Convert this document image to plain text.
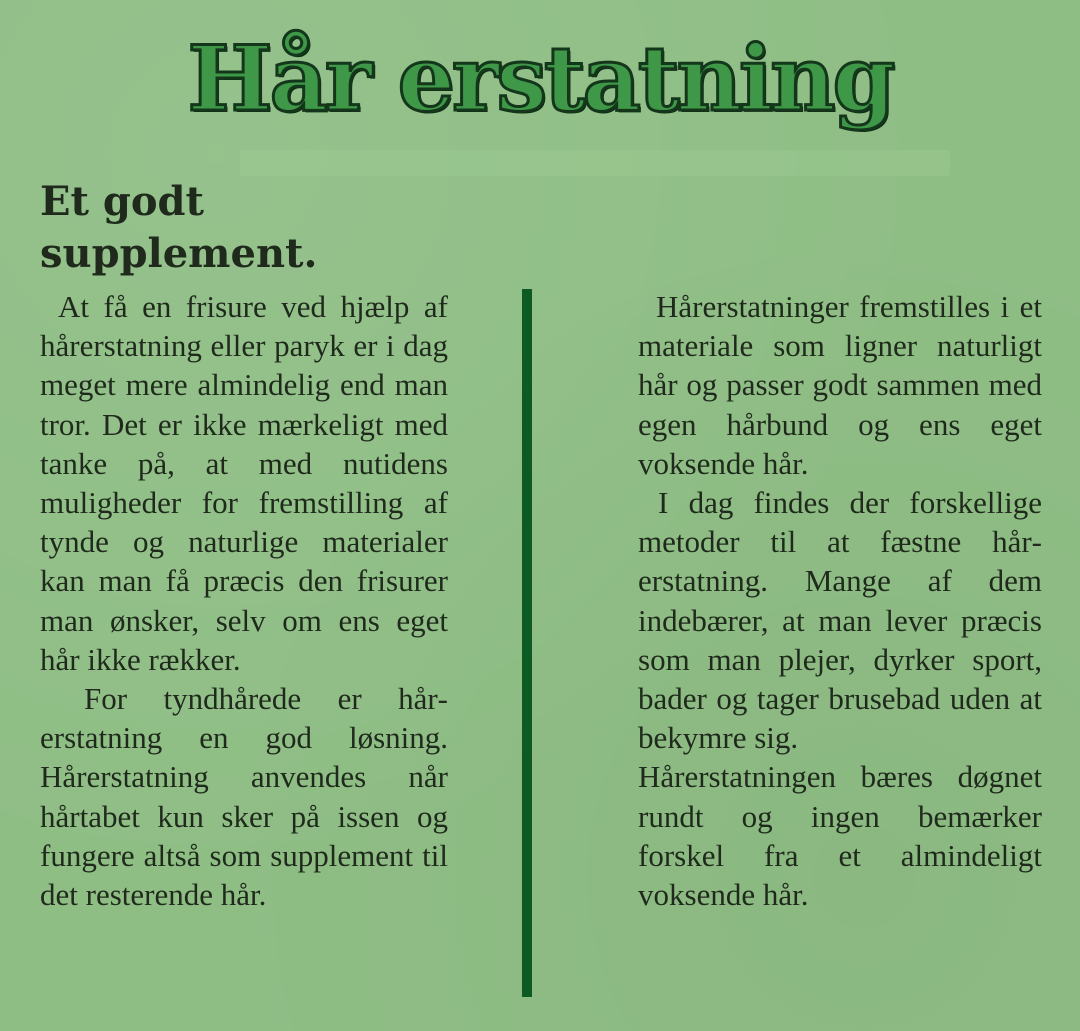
Hår erstatning
Et godt supplement.

At få en frisure ved hjælp af hårerstatning eller paryk er i dag meget mere almindelig end man tror. Det er ikke mærkeligt med tanke på, at med nutidens muligheder for fremstilling af tynde og naturlige materialer kan man få præcis den frisurer man ønsker, selv om ens eget hår ikke rækker.

For tyndhårede er hårerstatning en god løsning. Hårerstatning anvendes når hårtabet kun sker på issen og fungere altså som supplement til det resterende hår.

Hårerstatninger fremstilles i et materiale som ligner naturligt hår og passer godt sammen med egen hårbund og ens eget voksende hår.

I dag findes der forskellige metoder til at fæstne hårerstatning. Mange af dem indebærer, at man lever præcis som man plejer, dyrker sport, bader og tager brusebad uden at bekymre sig.

Hårerstatningen bæres døgnet rundt og ingen bemærker forskel fra et almindeligt voksende hår.
